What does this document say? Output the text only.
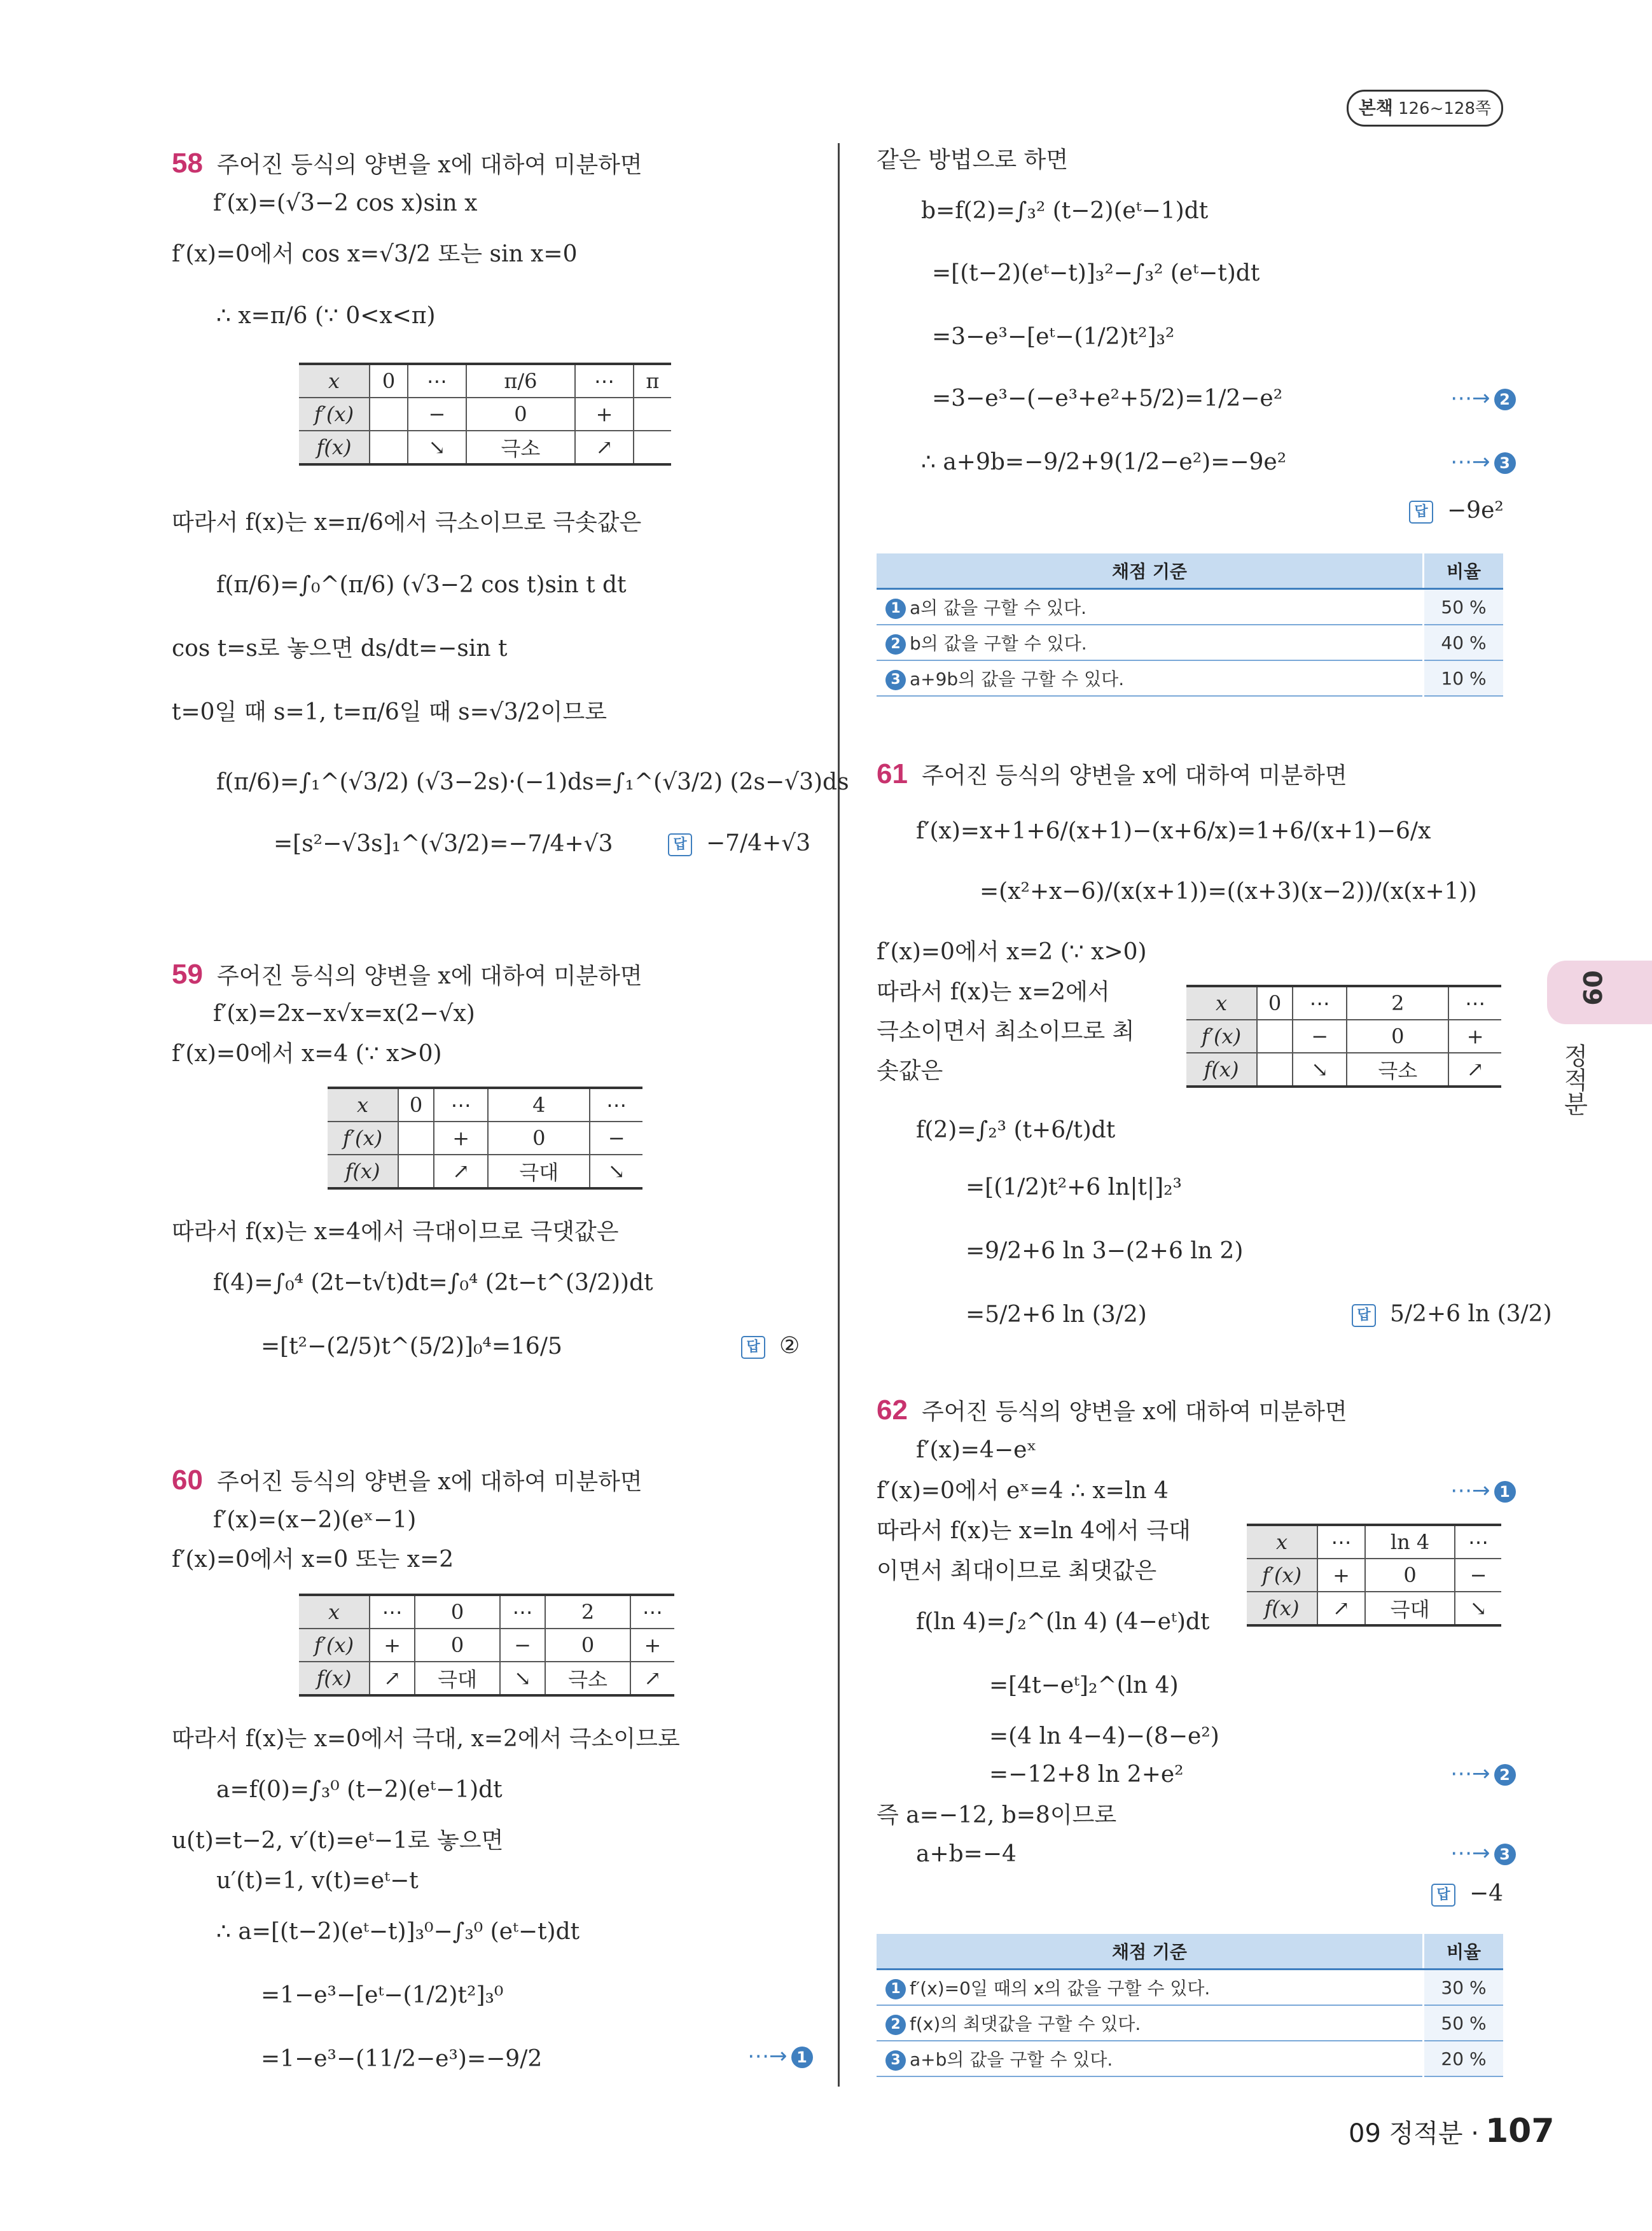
본책 126~128쪽
58 주어진 등식의 양변을 x에 대하여 미분하면
f′(x)=(√3−2 cos x)sin x
f′(x)=0에서 cos x=√3/2 또는 sin x=0
∴ x=π/6 (∵ 0<x<π)
x	0	⋯	π/6	⋯	π
f′(x)		−	0	+	
f(x)		↘	극소	↗	
따라서 f(x)는 x=π/6에서 극소이므로 극솟값은
f(π/6)=∫₀^(π/6) (√3−2 cos t)sin t dt
cos t=s로 놓으면 ds/dt=−sin t
t=0일 때 s=1, t=π/6일 때 s=√3/2이므로
f(π/6)=∫₁^(√3/2) (√3−2s)·(−1)ds=∫₁^(√3/2) (2s−√3)ds
=[s²−√3s]₁^(√3/2)=−7/4+√3	답 −7/4+√3
59 주어진 등식의 양변을 x에 대하여 미분하면
f′(x)=2x−x√x=x(2−√x)
f′(x)=0에서 x=4 (∵ x>0)
x	0	⋯	4	⋯
f′(x)		+	0	−
f(x)		↗	극대	↘
따라서 f(x)는 x=4에서 극대이므로 극댓값은
f(4)=∫₀⁴ (2t−t√t)dt=∫₀⁴ (2t−t^(3/2))dt
=[t²−(2/5)t^(5/2)]₀⁴=16/5	답 ②
60 주어진 등식의 양변을 x에 대하여 미분하면
f′(x)=(x−2)(eˣ−1)
f′(x)=0에서 x=0 또는 x=2
x	⋯	0	⋯	2	⋯
f′(x)	+	0	−	0	+
f(x)	↗	극대	↘	극소	↗
따라서 f(x)는 x=0에서 극대, x=2에서 극소이므로
a=f(0)=∫₃⁰ (t−2)(eᵗ−1)dt
u(t)=t−2, v′(t)=eᵗ−1로 놓으면
u′(t)=1, v(t)=eᵗ−t
∴ a=[(t−2)(eᵗ−t)]₃⁰−∫₃⁰ (eᵗ−t)dt
=1−e³−[eᵗ−(1/2)t²]₃⁰
=1−e³−(11/2−e³)=−9/2	⋯→ 1
같은 방법으로 하면
b=f(2)=∫₃² (t−2)(eᵗ−1)dt
=[(t−2)(eᵗ−t)]₃²−∫₃² (eᵗ−t)dt
=3−e³−[eᵗ−(1/2)t²]₃²
=3−e³−(−e³+e²+5/2)=1/2−e²	⋯→ 2
∴ a+9b=−9/2+9(1/2−e²)=−9e²	⋯→ 3
답 −9e²
채점 기준	비율
1 a의 값을 구할 수 있다.	50 %
2 b의 값을 구할 수 있다.	40 %
3 a+9b의 값을 구할 수 있다.	10 %
61 주어진 등식의 양변을 x에 대하여 미분하면
f′(x)=x+1+6/(x+1)−(x+6/x)=1+6/(x+1)−6/x
=(x²+x−6)/(x(x+1))=((x+3)(x−2))/(x(x+1))
f′(x)=0에서 x=2 (∵ x>0)
따라서 f(x)는 x=2에서
극소이면서 최소이므로 최
솟값은
x	0	⋯	2	⋯
f′(x)		−	0	+
f(x)		↘	극소	↗
f(2)=∫₂³ (t+6/t)dt
=[(1/2)t²+6 ln|t|]₂³
=9/2+6 ln 3−(2+6 ln 2)
=5/2+6 ln (3/2)	답 5/2+6 ln (3/2)
62 주어진 등식의 양변을 x에 대하여 미분하면
f′(x)=4−eˣ
f′(x)=0에서 eˣ=4 ∴ x=ln 4	⋯→ 1
따라서 f(x)는 x=ln 4에서 극대
이면서 최대이므로 최댓값은
x	⋯	ln 4	⋯
f′(x)	+	0	−
f(x)	↗	극대	↘
f(ln 4)=∫₂^(ln 4) (4−eᵗ)dt
=[4t−eᵗ]₂^(ln 4)
=(4 ln 4−4)−(8−e²)
=−12+8 ln 2+e²	⋯→ 2
즉 a=−12, b=8이므로
a+b=−4	⋯→ 3
답 −4
채점 기준	비율
1 f′(x)=0일 때의 x의 값을 구할 수 있다.	30 %
2 f(x)의 최댓값을 구할 수 있다.	50 %
3 a+b의 값을 구할 수 있다.	20 %
09
정적분
09 정적분 · 107
